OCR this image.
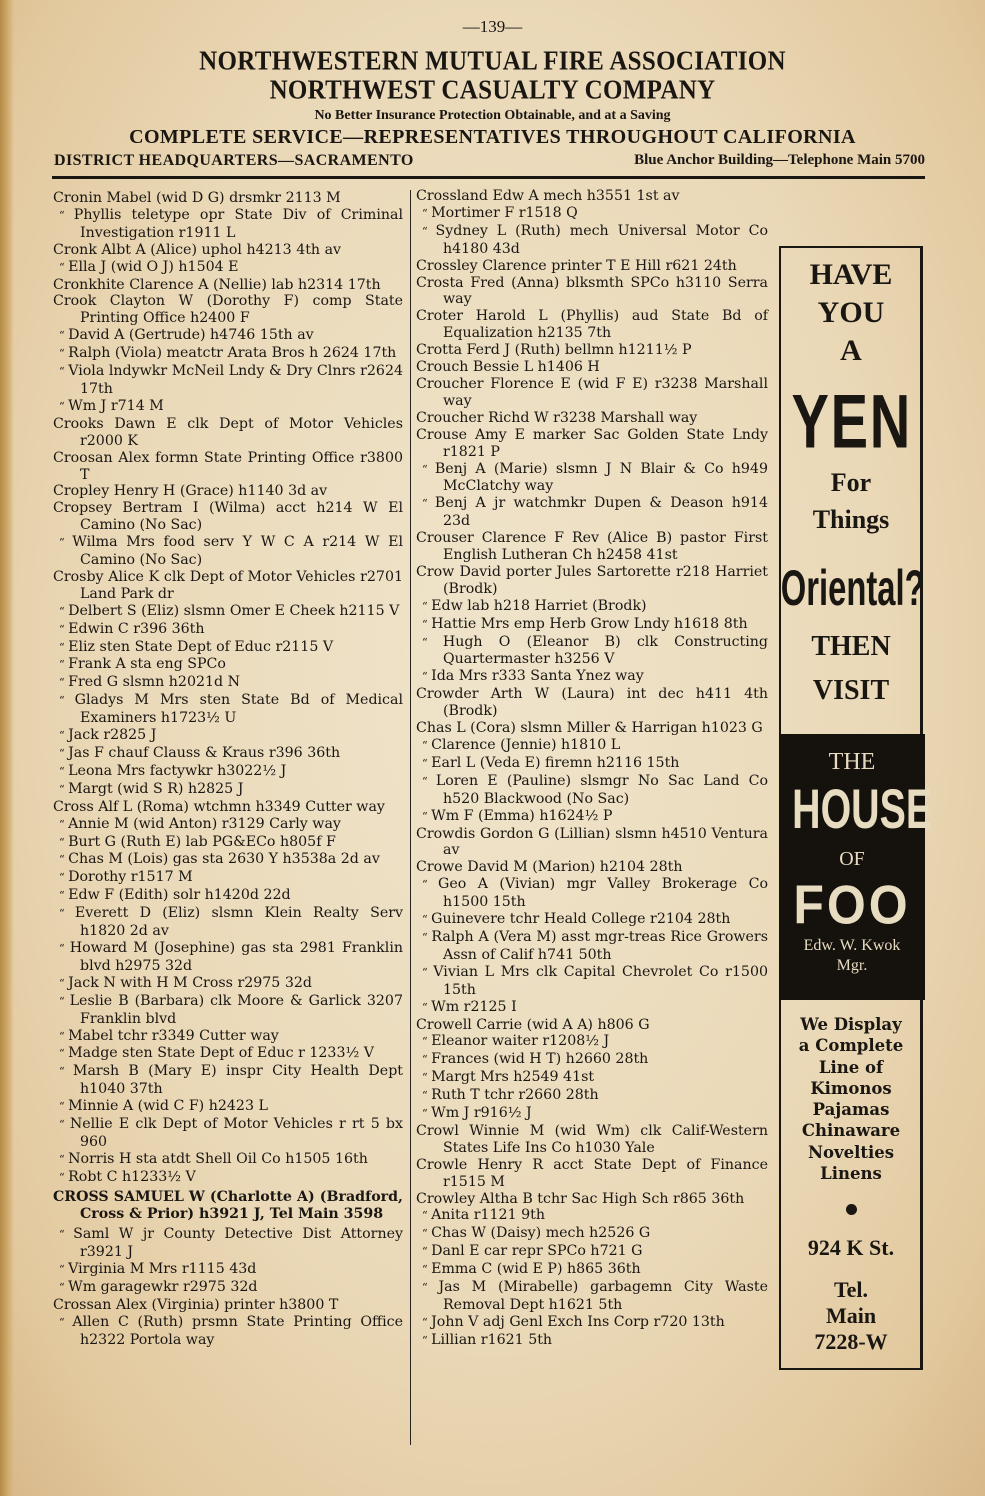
—139—
NORTHWESTERN MUTUAL FIRE ASSOCIATION
NORTHWEST CASUALTY COMPANY
No Better Insurance Protection Obtainable, and at a Saving
COMPLETE SERVICE—REPRESENTATIVES THROUGHOUT CALIFORNIA
DISTRICT HEADQUARTERS—SACRAMENTO	Blue Anchor Building—Telephone Main 5700

Cronin Mabel (wid D G) drsmkr 2113 M

“ Phyllis teletype opr State Div of Criminal Investigation r1911 L

Cronk Albt A (Alice) uphol h4213 4th av

“ Ella J (wid O J) h1504 E

Cronkhite Clarence A (Nellie) lab h2314 17th

Crook Clayton W (Dorothy F) comp State Printing Office h2400 F

“ David A (Gertrude) h4746 15th av

“ Ralph (Viola) meatctr Arata Bros h 2624 17th

“ Viola lndywkr McNeil Lndy & Dry Clnrs r2624 17th

“ Wm J r714 M

Crooks Dawn E clk Dept of Motor Vehicles r2000 K

Croosan Alex formn State Printing Office r3800 T

Cropley Henry H (Grace) h1140 3d av

Cropsey Bertram I (Wilma) acct h214 W El Camino (No Sac)

“ Wilma Mrs food serv Y W C A r214 W El Camino (No Sac)

Crosby Alice K clk Dept of Motor Vehicles r2701 Land Park dr

“ Delbert S (Eliz) slsmn Omer E Cheek h2115 V

“ Edwin C r396 36th

“ Eliz sten State Dept of Educ r2115 V

“ Frank A sta eng SPCo

“ Fred G slsmn h2021d N

“ Gladys M Mrs sten State Bd of Medical Examiners h1723½ U

“ Jack r2825 J

“ Jas F chauf Clauss & Kraus r396 36th

“ Leona Mrs factywkr h3022½ J

“ Margt (wid S R) h2825 J

Cross Alf L (Roma) wtchmn h3349 Cutter way

“ Annie M (wid Anton) r3129 Carly way

“ Burt G (Ruth E) lab PG&ECo h805f F

“ Chas M (Lois) gas sta 2630 Y h3538a 2d av

“ Dorothy r1517 M

“ Edw F (Edith) solr h1420d 22d

“ Everett D (Eliz) slsmn Klein Realty Serv h1820 2d av

“ Howard M (Josephine) gas sta 2981 Franklin blvd h2975 32d

“ Jack N with H M Cross r2975 32d

“ Leslie B (Barbara) clk Moore & Garlick 3207 Franklin blvd

“ Mabel tchr r3349 Cutter way

“ Madge sten State Dept of Educ r 1233½ V

“ Marsh B (Mary E) inspr City Health Dept h1040 37th

“ Minnie A (wid C F) h2423 L

“ Nellie E clk Dept of Motor Vehicles r rt 5 bx 960

“ Norris H sta atdt Shell Oil Co h1505 16th

“ Robt C h1233½ V

CROSS SAMUEL W (Charlotte A) (Bradford, Cross & Prior) h3921 J, Tel Main 3598

“ Saml W jr County Detective Dist Attorney r3921 J

“ Virginia M Mrs r1115 43d

“ Wm garagewkr r2975 32d

Crossan Alex (Virginia) printer h3800 T

“ Allen C (Ruth) prsmn State Printing Office h2322 Portola way

Crossland Edw A mech h3551 1st av

“ Mortimer F r1518 Q

“ Sydney L (Ruth) mech Universal Motor Co h4180 43d

Crossley Clarence printer T E Hill r621 24th

Crosta Fred (Anna) blksmth SPCo h3110 Serra way

Croter Harold L (Phyllis) aud State Bd of Equalization h2135 7th

Crotta Ferd J (Ruth) bellmn h1211½ P

Crouch Bessie L h1406 H

Croucher Florence E (wid F E) r3238 Marshall way

Croucher Richd W r3238 Marshall way

Crouse Amy E marker Sac Golden State Lndy r1821 P

“ Benj A (Marie) slsmn J N Blair & Co h949 McClatchy way

“ Benj A jr watchmkr Dupen & Deason h914 23d

Crouser Clarence F Rev (Alice B) pastor First English Lutheran Ch h2458 41st

Crow David porter Jules Sartorette r218 Harriet (Brodk)

“ Edw lab h218 Harriet (Brodk)

“ Hattie Mrs emp Herb Grow Lndy h1618 8th

“ Hugh O (Eleanor B) clk Constructing Quartermaster h3256 V

“ Ida Mrs r333 Santa Ynez way

Crowder Arth W (Laura) int dec h411 4th (Brodk)

Chas L (Cora) slsmn Miller & Harrigan h1023 G

“ Clarence (Jennie) h1810 L

“ Earl L (Veda E) firemn h2116 15th

“ Loren E (Pauline) slsmgr No Sac Land Co h520 Blackwood (No Sac)

“ Wm F (Emma) h1624½ P

Crowdis Gordon G (Lillian) slsmn h4510 Ventura av

Crowe David M (Marion) h2104 28th

“ Geo A (Vivian) mgr Valley Brokerage Co h1500 15th

“ Guinevere tchr Heald College r2104 28th

“ Ralph A (Vera M) asst mgr-treas Rice Growers Assn of Calif h741 50th

“ Vivian L Mrs clk Capital Chevrolet Co r1500 15th

“ Wm r2125 I

Crowell Carrie (wid A A) h806 G

“ Eleanor waiter r1208½ J

“ Frances (wid H T) h2660 28th

“ Margt Mrs h2549 41st

“ Ruth T tchr r2660 28th

“ Wm J r916½ J

Crowl Winnie M (wid Wm) clk Calif-Western States Life Ins Co h1030 Yale

Crowle Henry R acct State Dept of Finance r1515 M

Crowley Altha B tchr Sac High Sch r865 36th

“ Anita r1121 9th

“ Chas W (Daisy) mech h2526 G

“ Danl E car repr SPCo h721 G

“ Emma C (wid E P) h865 36th

“ Jas M (Mirabelle) garbagemn City Waste Removal Dept h1621 5th

“ John V adj Genl Exch Ins Corp r720 13th

“ Lillian r1621 5th

HAVE
YOU
A
YEN
For
Things
Oriental?
THEN
VISIT
THE
HOUSE
OF
FOO
Edw. W. Kwok
Mgr.
We Display
a Complete
Line of
Kimonos
Pajamas
Chinaware
Novelties
Linens
924 K St.
Tel.
Main
7228-W
